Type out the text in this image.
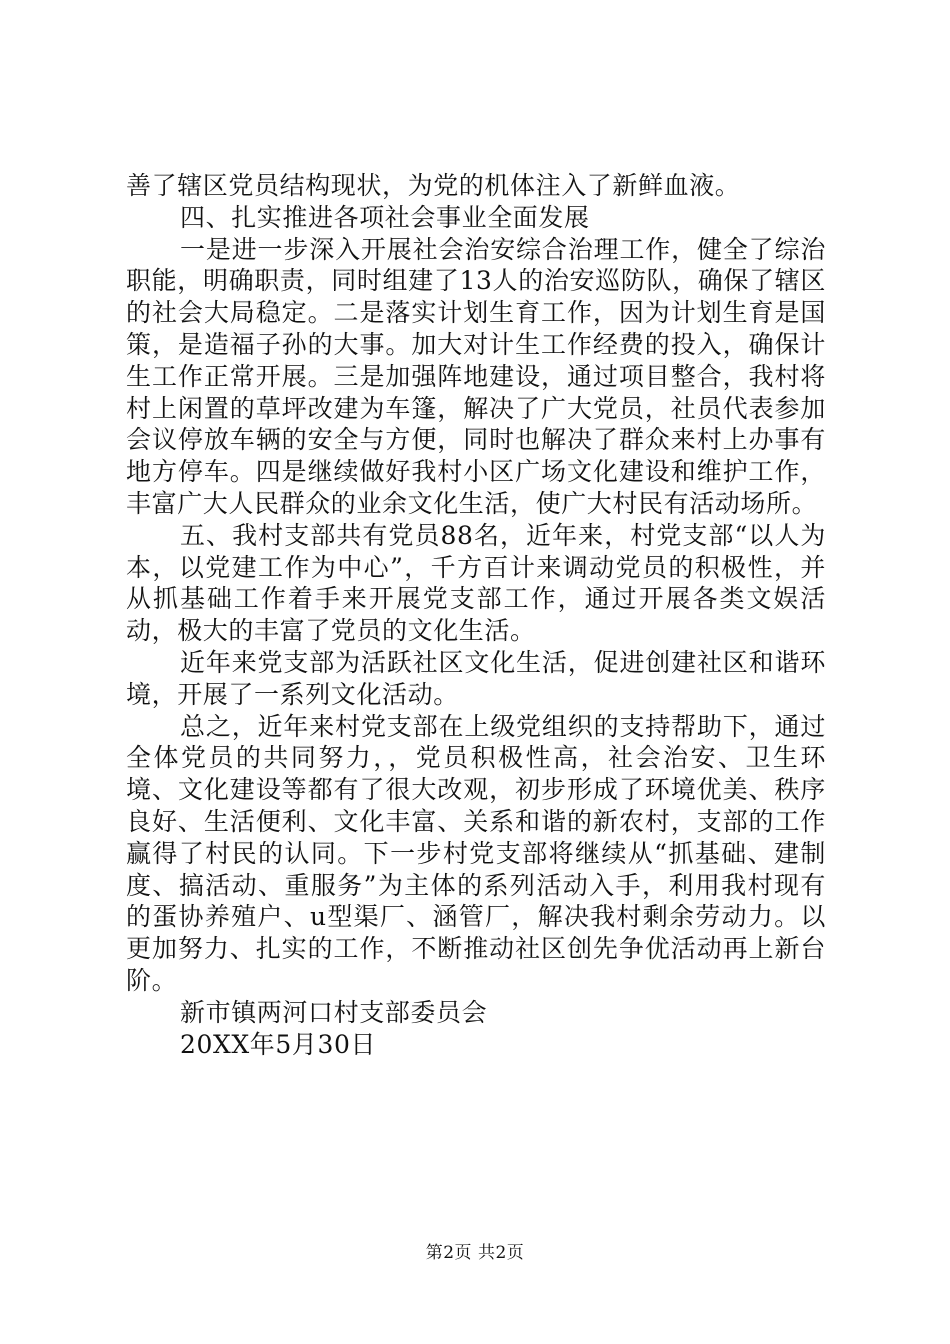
善了辖区党员结构现状，为党的机体注入了新鲜血液。

四、扎实推进各项社会事业全面发展

一是进一步深入开展社会治安综合治理工作，健全了综治职能，明确职责，同时组建了13人的治安巡防队，确保了辖区的社会大局稳定。二是落实计划生育工作，因为计划生育是国策，是造福子孙的大事。加大对计生工作经费的投入，确保计生工作正常开展。三是加强阵地建设，通过项目整合，我村将村上闲置的草坪改建为车篷，解决了广大党员，社员代表参加会议停放车辆的安全与方便，同时也解决了群众来村上办事有地方停车。四是继续做好我村小区广场文化建设和维护工作，丰富广大人民群众的业余文化生活，使广大村民有活动场所。

五、我村支部共有党员88名，近年来，村党支部“以人为本，以党建工作为中心”，千方百计来调动党员的积极性，并从抓基础工作着手来开展党支部工作，通过开展各类文娱活动，极大的丰富了党员的文化生活。

近年来党支部为活跃社区文化生活，促进创建社区和谐环境，开展了一系列文化活动。

总之，近年来村党支部在上级党组织的支持帮助下，通过全体党员的共同努力，，党员积极性高，社会治安、卫生环境、文化建设等都有了很大改观，初步形成了环境优美、秩序良好、生活便利、文化丰富、关系和谐的新农村，支部的工作赢得了村民的认同。下一步村党支部将继续从“抓基础、建制度、搞活动、重服务”为主体的系列活动入手，利用我村现有的蛋协养殖户、u型渠厂、涵管厂，解决我村剩余劳动力。以更加努力、扎实的工作，不断推动社区创先争优活动再上新台阶。

新市镇两河口村支部委员会

20XX年5月30日

第2页 共2页
